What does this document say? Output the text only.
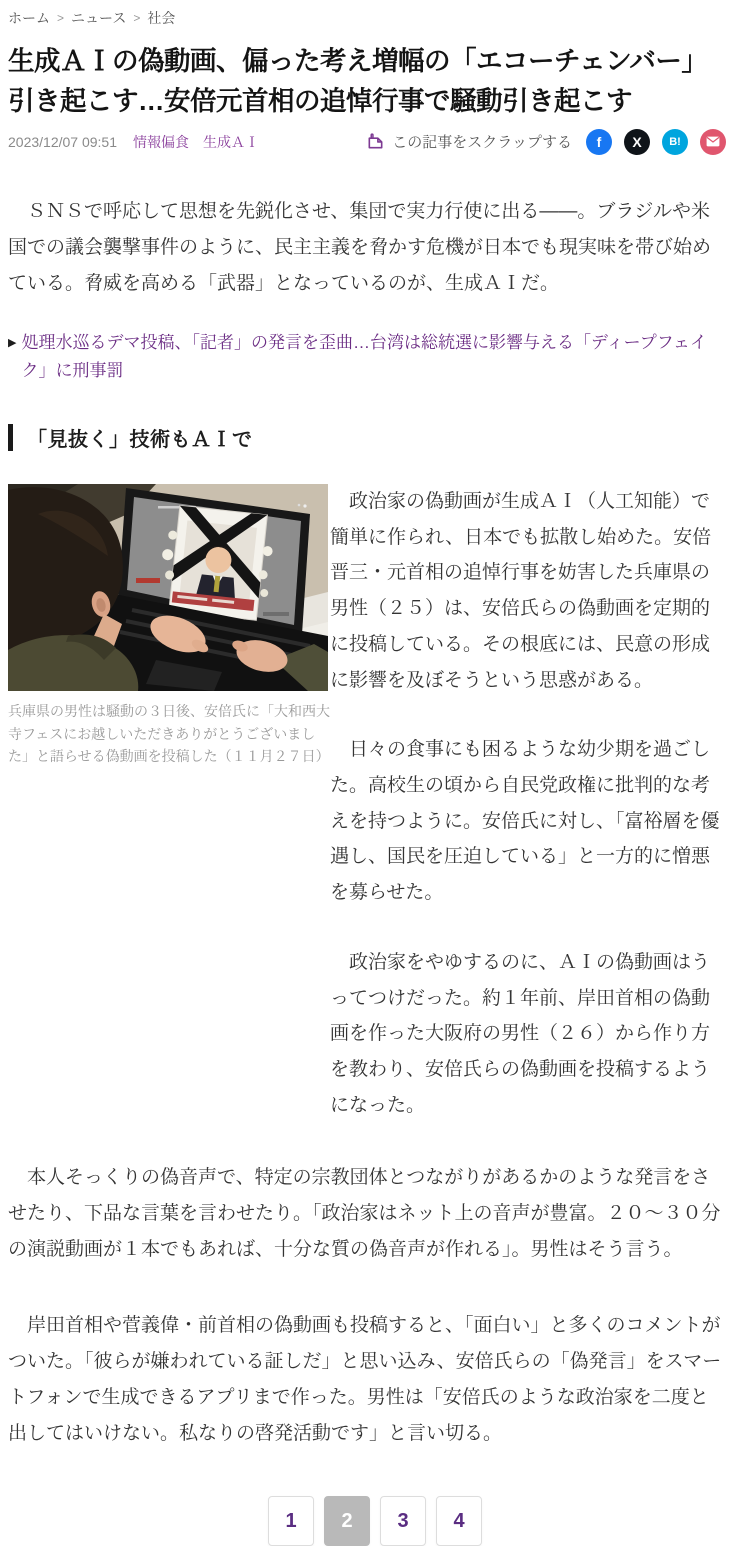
ホーム > ニュース > 社会
生成ＡＩの偽動画、偏った考え増幅の「エコーチェンバー」引き起こす…安倍元首相の追悼行事で騒動引き起こす
2023/12/07 09:51 情報偏食 生成ＡＩ	この記事をスクラップする	f	X	B!

　ＳＮＳで呼応して思想を先鋭化させ、集団で実力行使に出る――。ブラジルや米国での議会襲撃事件のように、民主主義を脅かす危機が日本でも現実味を帯び始めている。脅威を高める「武器」となっているのが、生成ＡＩだ。

▶ 処理水巡るデマ投稿、「記者」の発言を歪曲…台湾は総統選に影響与える「ディープフェイク」に刑事罰
「見抜く」技術もＡＩで
兵庫県の男性は騒動の３日後、安倍氏に「大和西大寺フェスにお越しいただきありがとうございました」と語らせる偽動画を投稿した（１１月２７日）

　政治家の偽動画が生成ＡＩ（人工知能）で簡単に作られ、日本でも拡散し始めた。安倍晋三・元首相の追悼行事を妨害した兵庫県の男性（２５）は、安倍氏らの偽動画を定期的に投稿している。その根底には、民意の形成に影響を及ぼそうという思惑がある。

　日々の食事にも困るような幼少期を過ごした。高校生の頃から自民党政権に批判的な考えを持つように。安倍氏に対し、「富裕層を優遇し、国民を圧迫している」と一方的に憎悪を募らせた。

　政治家をやゆするのに、ＡＩの偽動画はうってつけだった。約１年前、岸田首相の偽動画を作った大阪府の男性（２６）から作り方を教わり、安倍氏らの偽動画を投稿するようになった。

　本人そっくりの偽音声で、特定の宗教団体とつながりがあるかのような発言をさせたり、下品な言葉を言わせたり。「政治家はネット上の音声が豊富。２０～３０分の演説動画が１本でもあれば、十分な質の偽音声が作れる」。男性はそう言う。

　岸田首相や菅義偉・前首相の偽動画も投稿すると、「面白い」と多くのコメントがついた。「彼らが嫌われている証しだ」と思い込み、安倍氏らの「偽発言」をスマートフォンで生成できるアプリまで作った。男性は「安倍氏のような政治家を二度と出してはいけない。私なりの啓発活動です」と言い切る。

1	2	3	4
